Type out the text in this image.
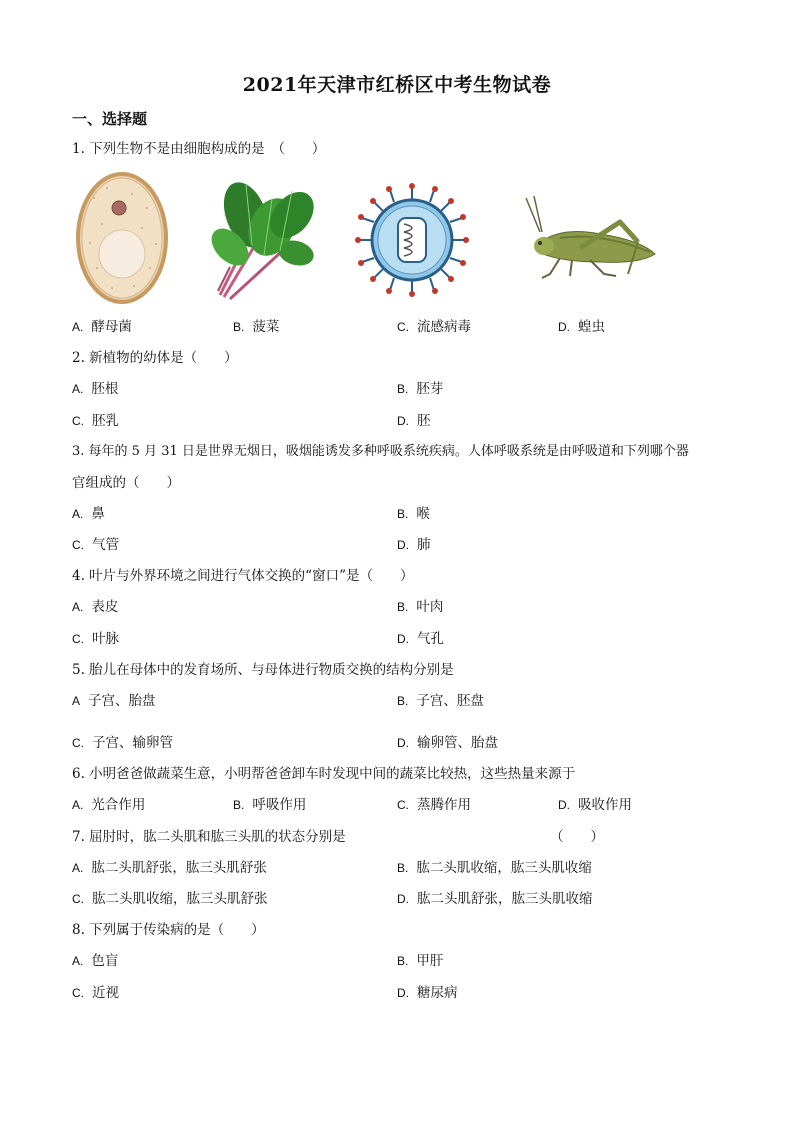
2021年天津市红桥区中考生物试卷
一、选择题
1. 下列生物不是由细胞构成的是　（　　）
A. 酵母菌	B. 菠菜	C. 流感病毒	D. 蝗虫
2. 新植物的幼体是（　　）
A. 胚根	B. 胚芽
C. 胚乳	D. 胚
3. 每年的 5 月 31 日是世界无烟日，吸烟能诱发多种呼吸系统疾病。人体呼吸系统是由呼吸道和下列哪个器
官组成的（　　）
A. 鼻	B. 喉
C. 气管	D. 肺
4. 叶片与外界环境之间进行气体交换的“窗口”是（　　）
A. 表皮	B. 叶肉
C. 叶脉	D. 气孔
5. 胎儿在母体中的发育场所、与母体进行物质交换的结构分别是
A 子宫、胎盘	B. 子宫、胚盘
C. 子宫、输卵管	D. 输卵管、胎盘
6. 小明爸爸做蔬菜生意，小明帮爸爸卸车时发现中间的蔬菜比较热，这些热量来源于
A. 光合作用	B. 呼吸作用	C. 蒸腾作用	D. 吸收作用
7. 屈肘时，肱二头肌和肱三头肌的状态分别是	（　　）
A. 肱二头肌舒张，肱三头肌舒张	B. 肱二头肌收缩，肱三头肌收缩
C. 肱二头肌收缩，肱三头肌舒张	D. 肱二头肌舒张，肱三头肌收缩
8. 下列属于传染病的是（　　）
A. 色盲	B. 甲肝
C. 近视	D. 糖尿病
